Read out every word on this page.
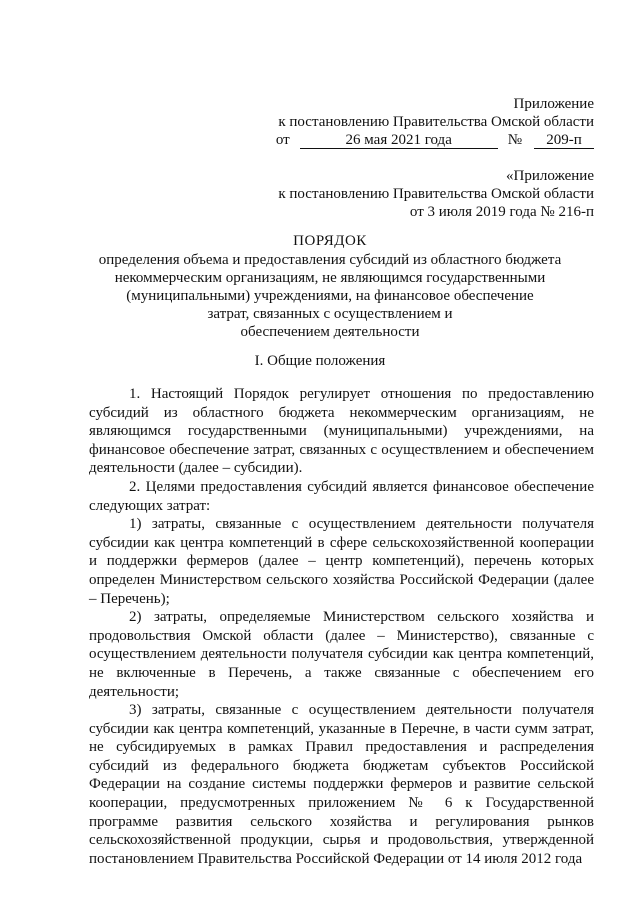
Приложение
к постановлению Правительства Омской области
от	26 мая 2021 года	№	209-п
«Приложение
к постановлению Правительства Омской области
от 3 июля 2019 года № 216-п
ПОРЯДОК
определения объема и предоставления субсидий из областного бюджета
некоммерческим организациям, не являющимся государственными
(муниципальными) учреждениями, на финансовое обеспечение
затрат, связанных с осуществлением и
обеспечением деятельности
I. Общие положения

1. Настоящий Порядок регулирует отношения по предоставлению субсидий из областного бюджета некоммерческим организациям, не являющимся государственными (муниципальными) учреждениями, на финансовое обеспечение затрат, связанных с осуществлением и обеспечением деятельности (далее – субсидии).

2. Целями предоставления субсидий является финансовое обеспечение следующих затрат:

1) затраты, связанные с осуществлением деятельности получателя субсидии как центра компетенций в сфере сельскохозяйственной кооперации и поддержки фермеров (далее – центр компетенций), перечень которых определен Министерством сельского хозяйства Российской Федерации (далее – Перечень);

2) затраты, определяемые Министерством сельского хозяйства и продовольствия Омской области (далее – Министерство), связанные с осуществлением деятельности получателя субсидии как центра компетенций, не включенные в Перечень, а также связанные с обеспечением его деятельности;

3) затраты, связанные с осуществлением деятельности получателя субсидии как центра компетенций, указанные в Перечне, в части сумм затрат, не субсидируемых в рамках Правил предоставления и распределения субсидий из федерального бюджета бюджетам субъектов Российской Федерации на создание системы поддержки фермеров и развитие сельской кооперации, предусмотренных приложением № 6 к Государственной программе развития сельского хозяйства и регулирования рынков сельскохозяйственной продукции, сырья и продовольствия, утвержденной постановлением Правительства Российской Федерации от 14 июля 2012 года
